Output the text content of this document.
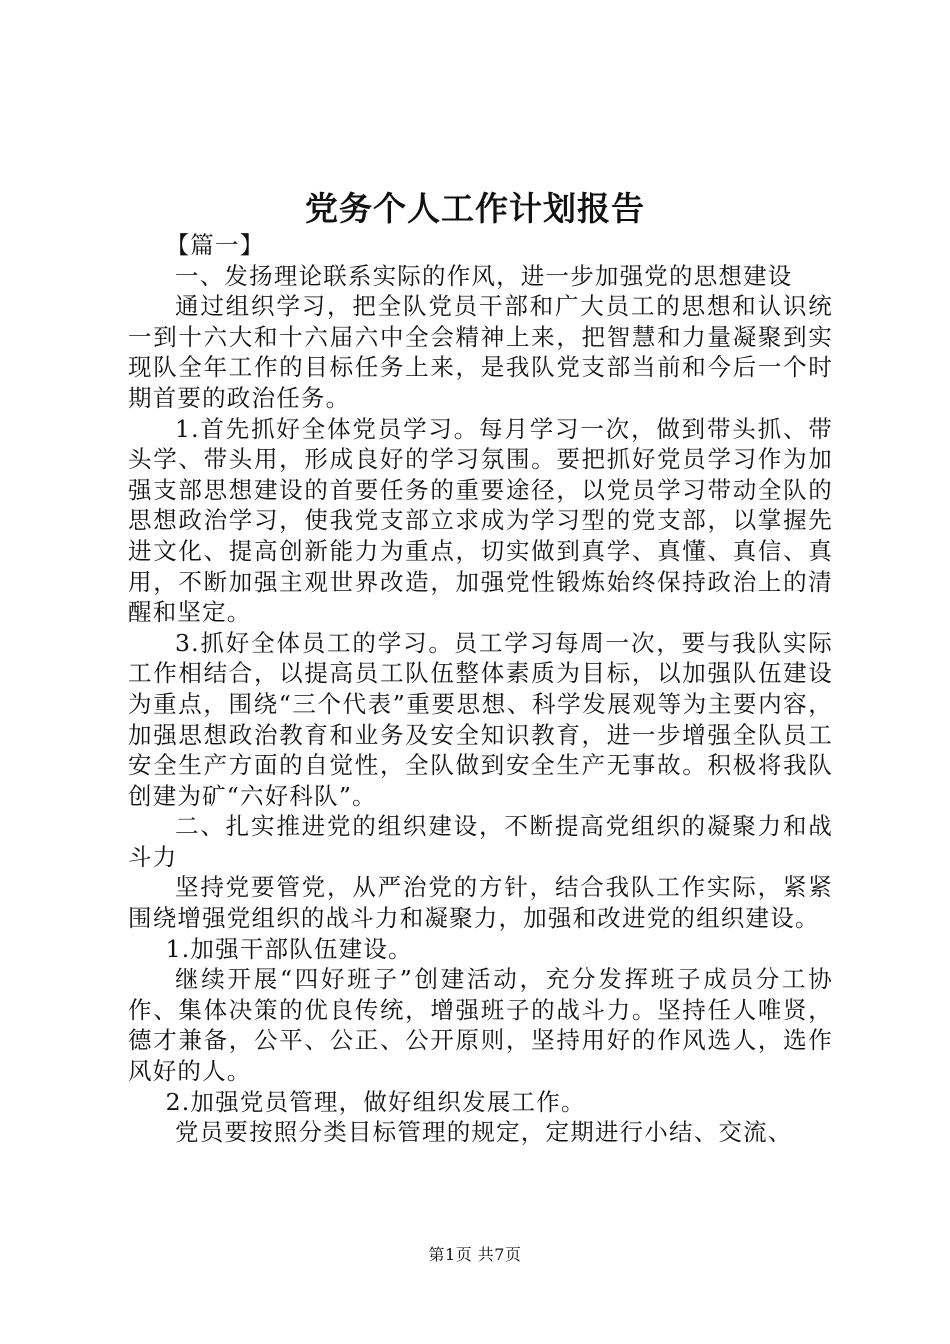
党务个人工作计划报告

【篇一】

一、发扬理论联系实际的作风，进一步加强党的思想建设

通过组织学习，把全队党员干部和广大员工的思想和认识统一到十六大和十六届六中全会精神上来，把智慧和力量凝聚到实现队全年工作的目标任务上来，是我队党支部当前和今后一个时期首要的政治任务。

1.首先抓好全体党员学习。每月学习一次，做到带头抓、带头学、带头用，形成良好的学习氛围。要把抓好党员学习作为加强支部思想建设的首要任务的重要途径，以党员学习带动全队的思想政治学习，使我党支部立求成为学习型的党支部，以掌握先进文化、提高创新能力为重点，切实做到真学、真懂、真信、真用，不断加强主观世界改造，加强党性锻炼始终保持政治上的清醒和坚定。

3.抓好全体员工的学习。员工学习每周一次，要与我队实际工作相结合，以提高员工队伍整体素质为目标，以加强队伍建设为重点，围绕“三个代表”重要思想、科学发展观等为主要内容，加强思想政治教育和业务及安全知识教育，进一步增强全队员工安全生产方面的自觉性，全队做到安全生产无事故。积极将我队创建为矿“六好科队”。

二、扎实推进党的组织建设，不断提高党组织的凝聚力和战斗力

坚持党要管党，从严治党的方针，结合我队工作实际，紧紧围绕增强党组织的战斗力和凝聚力，加强和改进党的组织建设。

1.加强干部队伍建设。

继续开展“四好班子”创建活动，充分发挥班子成员分工协作、集体决策的优良传统，增强班子的战斗力。坚持任人唯贤，德才兼备，公平、公正、公开原则，坚持用好的作风选人，选作风好的人。

2.加强党员管理，做好组织发展工作。

党员要按照分类目标管理的规定，定期进行小结、交流、

第1页 共7页
